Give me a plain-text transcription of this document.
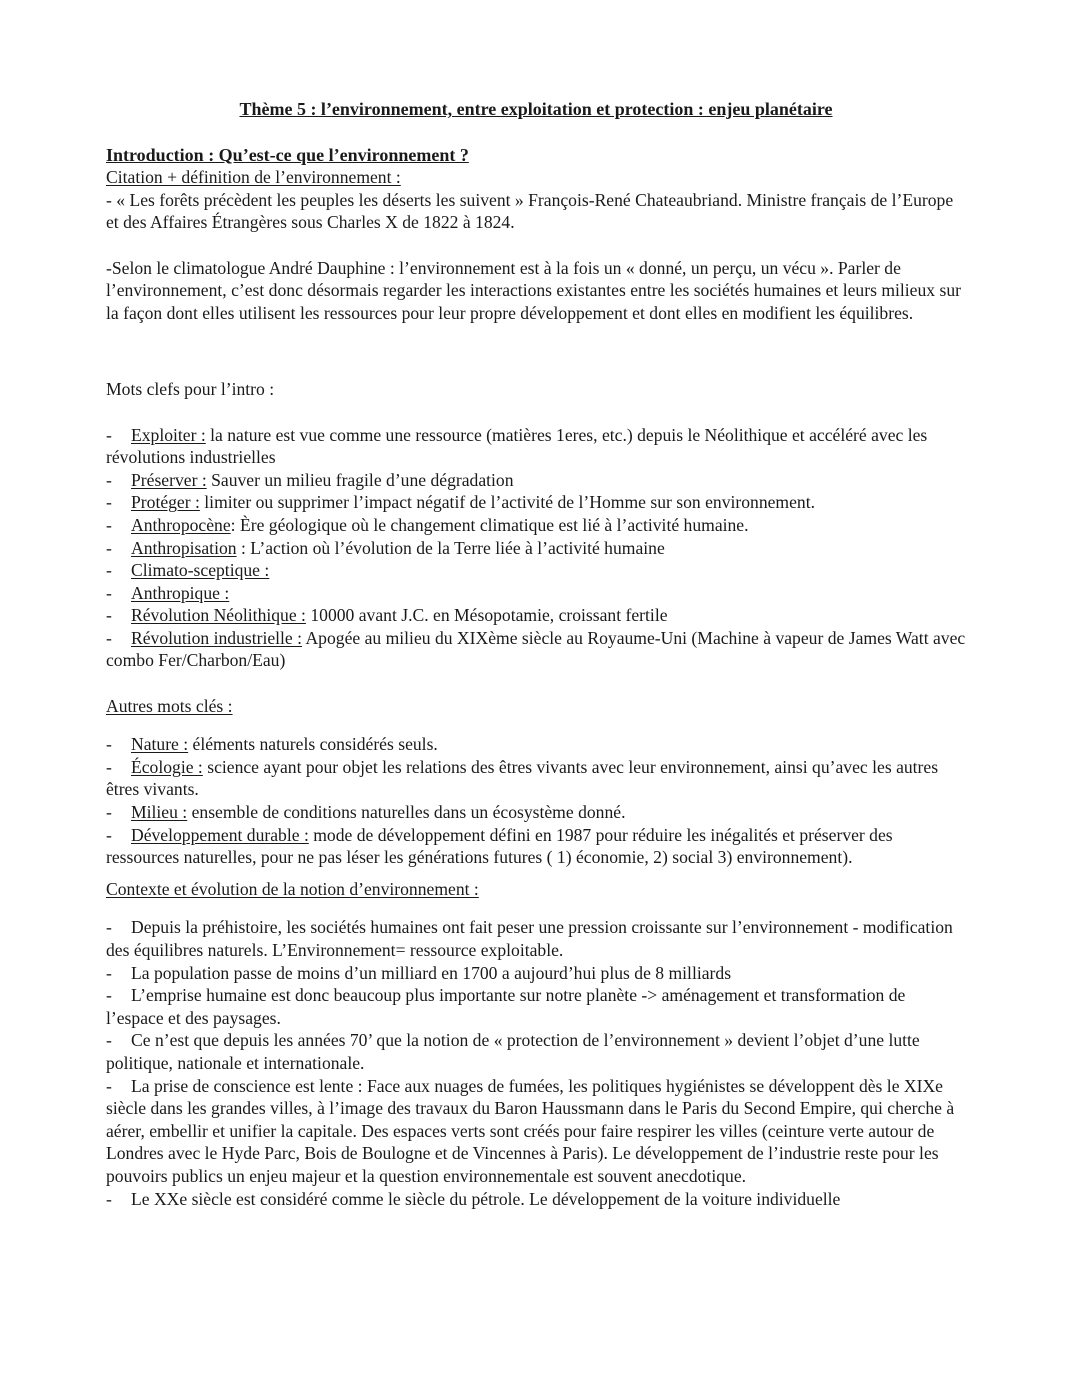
Thème 5 : l’environnement, entre exploitation et protection : enjeu planétaire

Introduction : Qu’est-ce que l’environnement ?

Citation + définition de l’environnement :

- « Les forêts précèdent les peuples les déserts les suivent » François-René Chateaubriand. Ministre français de l’Europe et des Affaires Étrangères sous Charles X de 1822 à 1824.

-Selon le climatologue André Dauphine : l’environnement est à la fois un « donné, un perçu, un vécu ». Parler de l’environnement, c’est donc désormais regarder les interactions existantes entre les sociétés humaines et leurs milieux sur la façon dont elles utilisent les ressources pour leur propre développement et dont elles en modifient les équilibres.

Mots clefs pour l’intro :

- Exploiter : la nature est vue comme une ressource (matières 1eres, etc.) depuis le Néolithique et accéléré avec les révolutions industrielles
- Préserver : Sauver un milieu fragile d’une dégradation
- Protéger : limiter ou supprimer l’impact négatif de l’activité de l’Homme sur son environnement.
- Anthropocène: Ère géologique où le changement climatique est lié à l’activité humaine.
- Anthropisation : L’action où l’évolution de la Terre liée à l’activité humaine
- Climato-sceptique :
- Anthropique :
- Révolution Néolithique : 10000 avant J.C. en Mésopotamie, croissant fertile
- Révolution industrielle : Apogée au milieu du XIXème siècle au Royaume-Uni (Machine à vapeur de James Watt avec combo Fer/Charbon/Eau)

Autres mots clés :

- Nature : éléments naturels considérés seuls.
- Écologie : science ayant pour objet les relations des êtres vivants avec leur environnement, ainsi qu’avec les autres êtres vivants.
- Milieu : ensemble de conditions naturelles dans un écosystème donné.
- Développement durable : mode de développement défini en 1987 pour réduire les inégalités et préserver des ressources naturelles, pour ne pas léser les générations futures ( 1) économie, 2) social 3) environnement).

Contexte et évolution de la notion d’environnement :

- Depuis la préhistoire, les sociétés humaines ont fait peser une pression croissante sur l’environnement - modification des équilibres naturels. L’Environnement= ressource exploitable.
- La population passe de moins d’un milliard en 1700 a aujourd’hui plus de 8 milliards
- L’emprise humaine est donc beaucoup plus importante sur notre planète -> aménagement et transformation de l’espace et des paysages.
- Ce n’est que depuis les années 70’ que la notion de « protection de l’environnement » devient l’objet d’une lutte politique, nationale et internationale.
- La prise de conscience est lente : Face aux nuages de fumées, les politiques hygiénistes se développent dès le XIXe siècle dans les grandes villes, à l’image des travaux du Baron Haussmann dans le Paris du Second Empire, qui cherche à aérer, embellir et unifier la capitale. Des espaces verts sont créés pour faire respirer les villes (ceinture verte autour de Londres avec le Hyde Parc, Bois de Boulogne et de Vincennes à Paris). Le développement de l’industrie reste pour les pouvoirs publics un enjeu majeur et la question environnementale est souvent anecdotique.
- Le XXe siècle est considéré comme le siècle du pétrole. Le développement de la voiture individuelle
